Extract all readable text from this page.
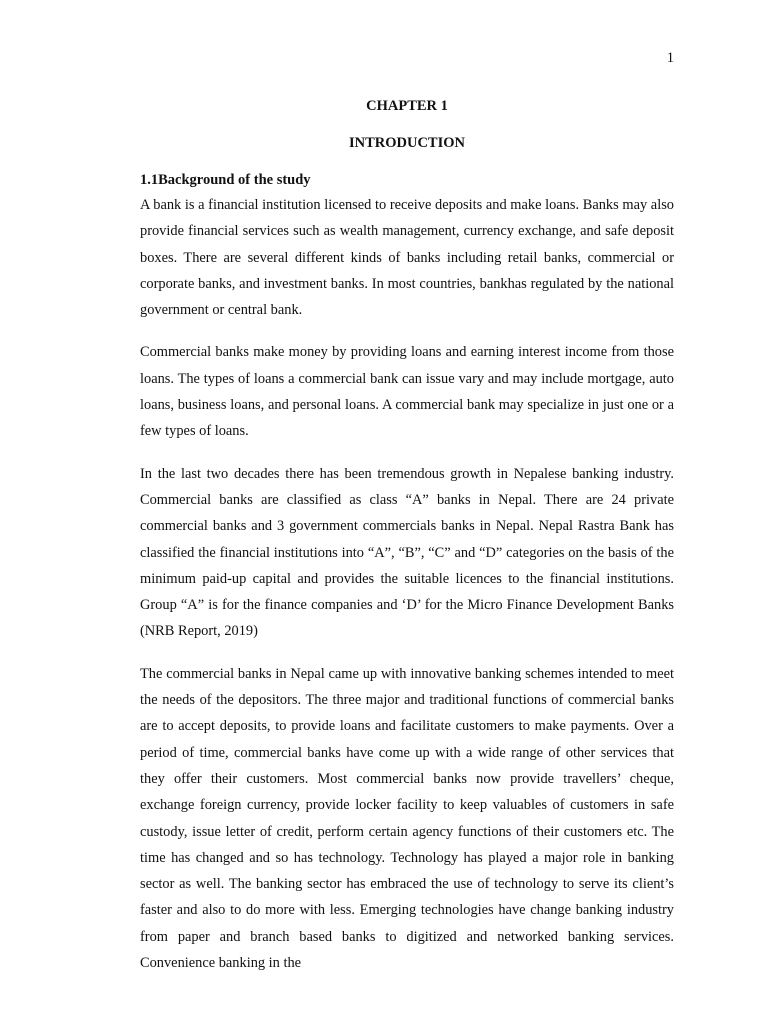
1
CHAPTER 1
INTRODUCTION
1.1Background of the study

A bank is a financial institution licensed to receive deposits and make loans. Banks may also provide financial services such as wealth management, currency exchange, and safe deposit boxes. There are several different kinds of banks including retail banks, commercial or corporate banks, and investment banks. In most countries, bankhas regulated by the national government or central bank.

Commercial banks make money by providing loans and earning interest income from those loans. The types of loans a commercial bank can issue vary and may include mortgage, auto loans, business loans, and personal loans. A commercial bank may specialize in just one or a few types of loans.

In the last two decades there has been tremendous growth in Nepalese banking industry. Commercial banks are classified as class “A” banks in Nepal. There are 24 private commercial banks and 3 government commercials banks in Nepal. Nepal Rastra Bank has classified the financial institutions into “A”, “B”, “C” and “D” categories on the basis of the minimum paid-up capital and provides the suitable licences to the financial institutions. Group “A” is for the finance companies and ‘D’ for the Micro Finance Development Banks (NRB Report, 2019)

The commercial banks in Nepal came up with innovative banking schemes intended to meet the needs of the depositors. The three major and traditional functions of commercial banks are to accept deposits, to provide loans and facilitate customers to make payments. Over a period of time, commercial banks have come up with a wide range of other services that they offer their customers. Most commercial banks now provide travellers’ cheque, exchange foreign currency, provide locker facility to keep valuables of customers in safe custody, issue letter of credit, perform certain agency functions of their customers etc. The time has changed and so has technology. Technology has played a major role in banking sector as well. The banking sector has embraced the use of technology to serve its client’s faster and also to do more with less. Emerging technologies have change banking industry from paper and branch based banks to digitized and networked banking services. Convenience banking in the
